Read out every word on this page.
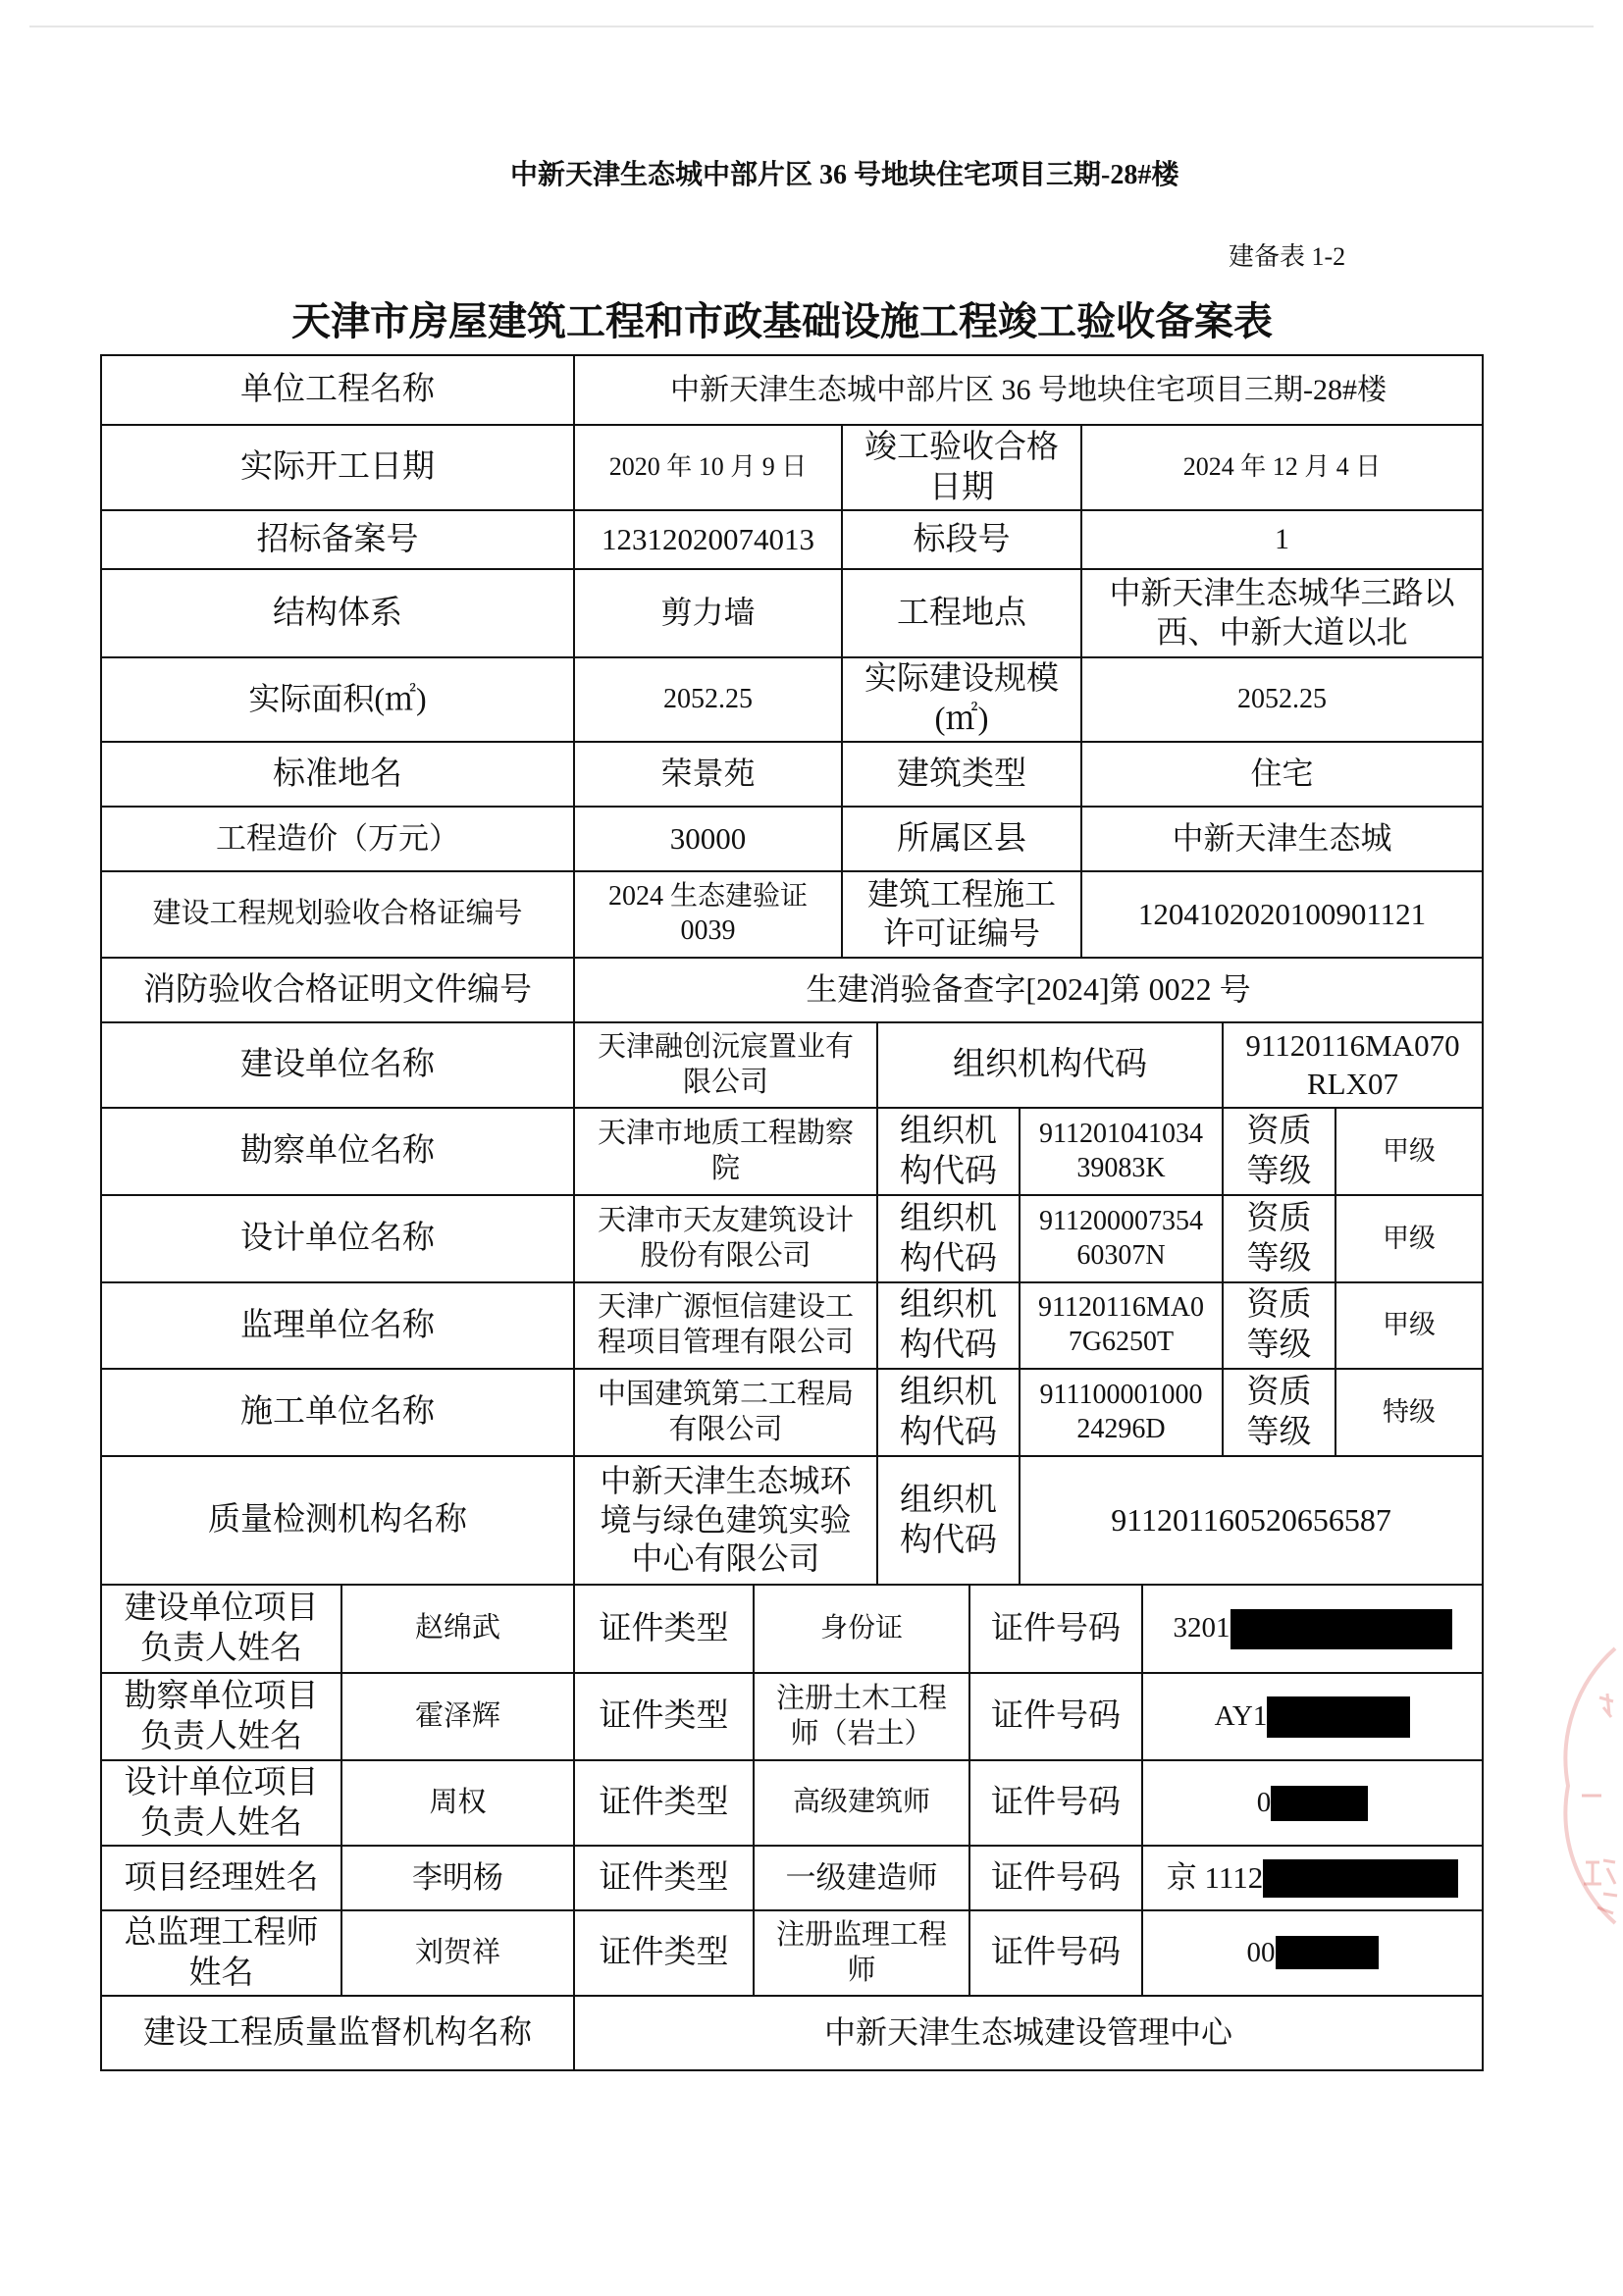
中新天津生态城中部片区 36 号地块住宅项目三期-28#楼
建备表 1-2
天津市房屋建筑工程和市政基础设施工程竣工验收备案表
单位工程名称		中新天津生态城中部片区 36 号地块住宅项目三期-28#楼									
实际开工日期		2020 年 10 月 9 日		竣工验收合格日期				2024 年 12 月 4 日			
招标备案号		12312020074013		标段号				1			
结构体系		剪力墙		工程地点				中新天津生态城华三路以西、中新大道以北			
实际面积(㎡)		2052.25		实际建设规模(㎡)				2052.25			
标准地名		荣景苑		建筑类型				住宅			
工程造价（万元）		30000		所属区县				中新天津生态城			
建设工程规划验收合格证编号		2024 生态建验证 0039		建筑工程施工许可证编号				1204102020100901121			
消防验收合格证明文件编号		生建消验备查字[2024]第 0022 号									
建设单位名称		天津融创沅宸置业有限公司			组织机构代码					91120116MA070RLX07	
勘察单位名称		天津市地质工程勘察院			组织机构代码		91120104103439083K			资质等级	甲级
设计单位名称		天津市天友建筑设计股份有限公司			组织机构代码		91120000735460307N			资质等级	甲级
监理单位名称		天津广源恒信建设工程项目管理有限公司			组织机构代码		91120116MA07G6250T			资质等级	甲级
施工单位名称		中国建筑第二工程局有限公司			组织机构代码		91110000100024296D			资质等级	特级
质量检测机构名称		中新天津生态城环境与绿色建筑实验中心有限公司			组织机构代码		911201160520656587				
建设单位项目负责人姓名	赵绵武	证件类型	身份证			证件号码			3201		

勘察单位项目负责人姓名	霍泽辉	证件类型	注册土木工程师（岩土）			证件号码			AY1		

设计单位项目负责人姓名	周权	证件类型	高级建筑师			证件号码			0		

项目经理姓名	李明杨	证件类型	一级建造师			证件号码			京 1112		

总监理工程师姓名	刘贺祥	证件类型	注册监理工程师			证件号码			00		

建设工程质量监督机构名称		中新天津生态城建设管理中心									
